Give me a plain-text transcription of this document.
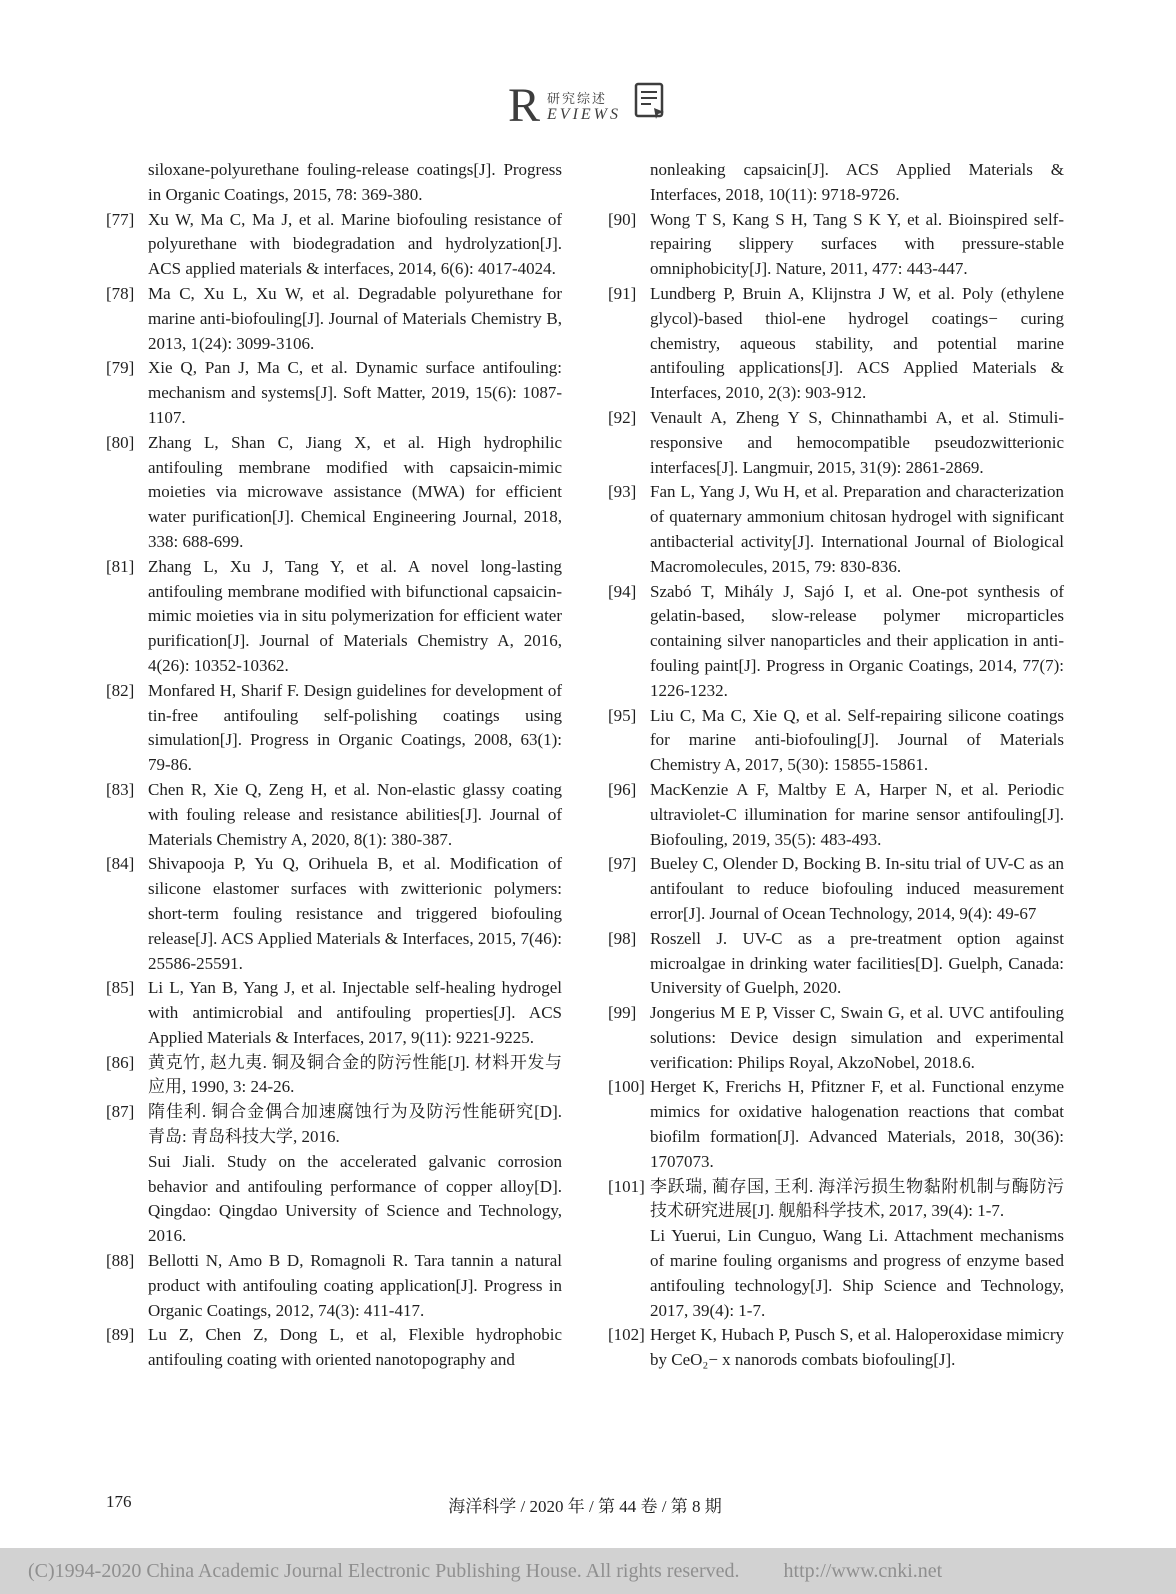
R 研究综述
EVIEWS
siloxane-polyurethane fouling-release coatings[J]. Progress in Organic Coatings, 2015, 78: 369-380.
[77] Xu W, Ma C, Ma J, et al. Marine biofouling resistance of polyurethane with biodegradation and hydrolyzation[J]. ACS applied materials & interfaces, 2014, 6(6): 4017-4024.
[78] Ma C, Xu L, Xu W, et al. Degradable polyurethane for marine anti-biofouling[J]. Journal of Materials Chemistry B, 2013, 1(24): 3099-3106.
[79] Xie Q, Pan J, Ma C, et al. Dynamic surface antifouling: mechanism and systems[J]. Soft Matter, 2019, 15(6): 1087-1107.
[80] Zhang L, Shan C, Jiang X, et al. High hydrophilic antifouling membrane modified with capsaicin-mimic moieties via microwave assistance (MWA) for efficient water purification[J]. Chemical Engineering Journal, 2018, 338: 688-699.
[81] Zhang L, Xu J, Tang Y, et al. A novel long-lasting antifouling membrane modified with bifunctional capsaicin-mimic moieties via in situ polymerization for efficient water purification[J]. Journal of Materials Chemistry A, 2016, 4(26): 10352-10362.
[82] Monfared H, Sharif F. Design guidelines for development of tin-free antifouling self-polishing coatings using simulation[J]. Progress in Organic Coatings, 2008, 63(1): 79-86.
[83] Chen R, Xie Q, Zeng H, et al. Non-elastic glassy coating with fouling release and resistance abilities[J]. Journal of Materials Chemistry A, 2020, 8(1): 380-387.
[84] Shivapooja P, Yu Q, Orihuela B, et al. Modification of silicone elastomer surfaces with zwitterionic polymers: short-term fouling resistance and triggered biofouling release[J]. ACS Applied Materials & Interfaces, 2015, 7(46): 25586-25591.
[85] Li L, Yan B, Yang J, et al. Injectable self-healing hydrogel with antimicrobial and antifouling properties[J]. ACS Applied Materials & Interfaces, 2017, 9(11): 9221-9225.
[86] 黄克竹, 赵九夷. 铜及铜合金的防污性能[J]. 材料开发与应用, 1990, 3: 24-26.
[87] 隋佳利. 铜合金偶合加速腐蚀行为及防污性能研究[D]. 青岛: 青岛科技大学, 2016.
Sui Jiali. Study on the accelerated galvanic corrosion behavior and antifouling performance of copper alloy[D]. Qingdao: Qingdao University of Science and Technology, 2016.
[88] Bellotti N, Amo B D, Romagnoli R. Tara tannin a natural product with antifouling coating application[J]. Progress in Organic Coatings, 2012, 74(3): 411-417.
[89] Lu Z, Chen Z, Dong L, et al, Flexible hydrophobic antifouling coating with oriented nanotopography and
nonleaking capsaicin[J]. ACS Applied Materials & Interfaces, 2018, 10(11): 9718-9726.
[90] Wong T S, Kang S H, Tang S K Y, et al. Bioinspired self-repairing slippery surfaces with pressure-stable omniphobicity[J]. Nature, 2011, 477: 443-447.
[91] Lundberg P, Bruin A, Klijnstra J W, et al. Poly (ethylene glycol)-based thiol-ene hydrogel coatings− curing chemistry, aqueous stability, and potential marine antifouling applications[J]. ACS Applied Materials & Interfaces, 2010, 2(3): 903-912.
[92] Venault A, Zheng Y S, Chinnathambi A, et al. Stimuli-responsive and hemocompatible pseudozwitterionic interfaces[J]. Langmuir, 2015, 31(9): 2861-2869.
[93] Fan L, Yang J, Wu H, et al. Preparation and characterization of quaternary ammonium chitosan hydrogel with significant antibacterial activity[J]. International Journal of Biological Macromolecules, 2015, 79: 830-836.
[94] Szabó T, Mihály J, Sajó I, et al. One-pot synthesis of gelatin-based, slow-release polymer microparticles containing silver nanoparticles and their application in anti-fouling paint[J]. Progress in Organic Coatings, 2014, 77(7): 1226-1232.
[95] Liu C, Ma C, Xie Q, et al. Self-repairing silicone coatings for marine anti-biofouling[J]. Journal of Materials Chemistry A, 2017, 5(30): 15855-15861.
[96] MacKenzie A F, Maltby E A, Harper N, et al. Periodic ultraviolet-C illumination for marine sensor antifouling[J]. Biofouling, 2019, 35(5): 483-493.
[97] Bueley C, Olender D, Bocking B. In-situ trial of UV-C as an antifoulant to reduce biofouling induced measurement error[J]. Journal of Ocean Technology, 2014, 9(4): 49-67
[98] Roszell J. UV-C as a pre-treatment option against microalgae in drinking water facilities[D]. Guelph, Canada: University of Guelph, 2020.
[99] Jongerius M E P, Visser C, Swain G, et al. UVC antifouling solutions: Device design simulation and experimental verification: Philips Royal, AkzoNobel, 2018.6.
[100] Herget K, Frerichs H, Pfitzner F, et al. Functional enzyme mimics for oxidative halogenation reactions that combat biofilm formation[J]. Advanced Materials, 2018, 30(36): 1707073.
[101] 李跃瑞, 蔺存国, 王利. 海洋污损生物黏附机制与酶防污技术研究进展[J]. 舰船科学技术, 2017, 39(4): 1-7.
Li Yuerui, Lin Cunguo, Wang Li. Attachment mechanisms of marine fouling organisms and progress of enzyme based antifouling technology[J]. Ship Science and Technology, 2017, 39(4): 1-7.
[102] Herget K, Hubach P, Pusch S, et al. Haloperoxidase mimicry by CeO₂− x nanorods combats biofouling[J].
176	海洋科学 / 2020 年 / 第 44 卷 / 第 8 期
(C)1994-2020 China Academic Journal Electronic Publishing House. All rights reserved. http://www.cnki.net
